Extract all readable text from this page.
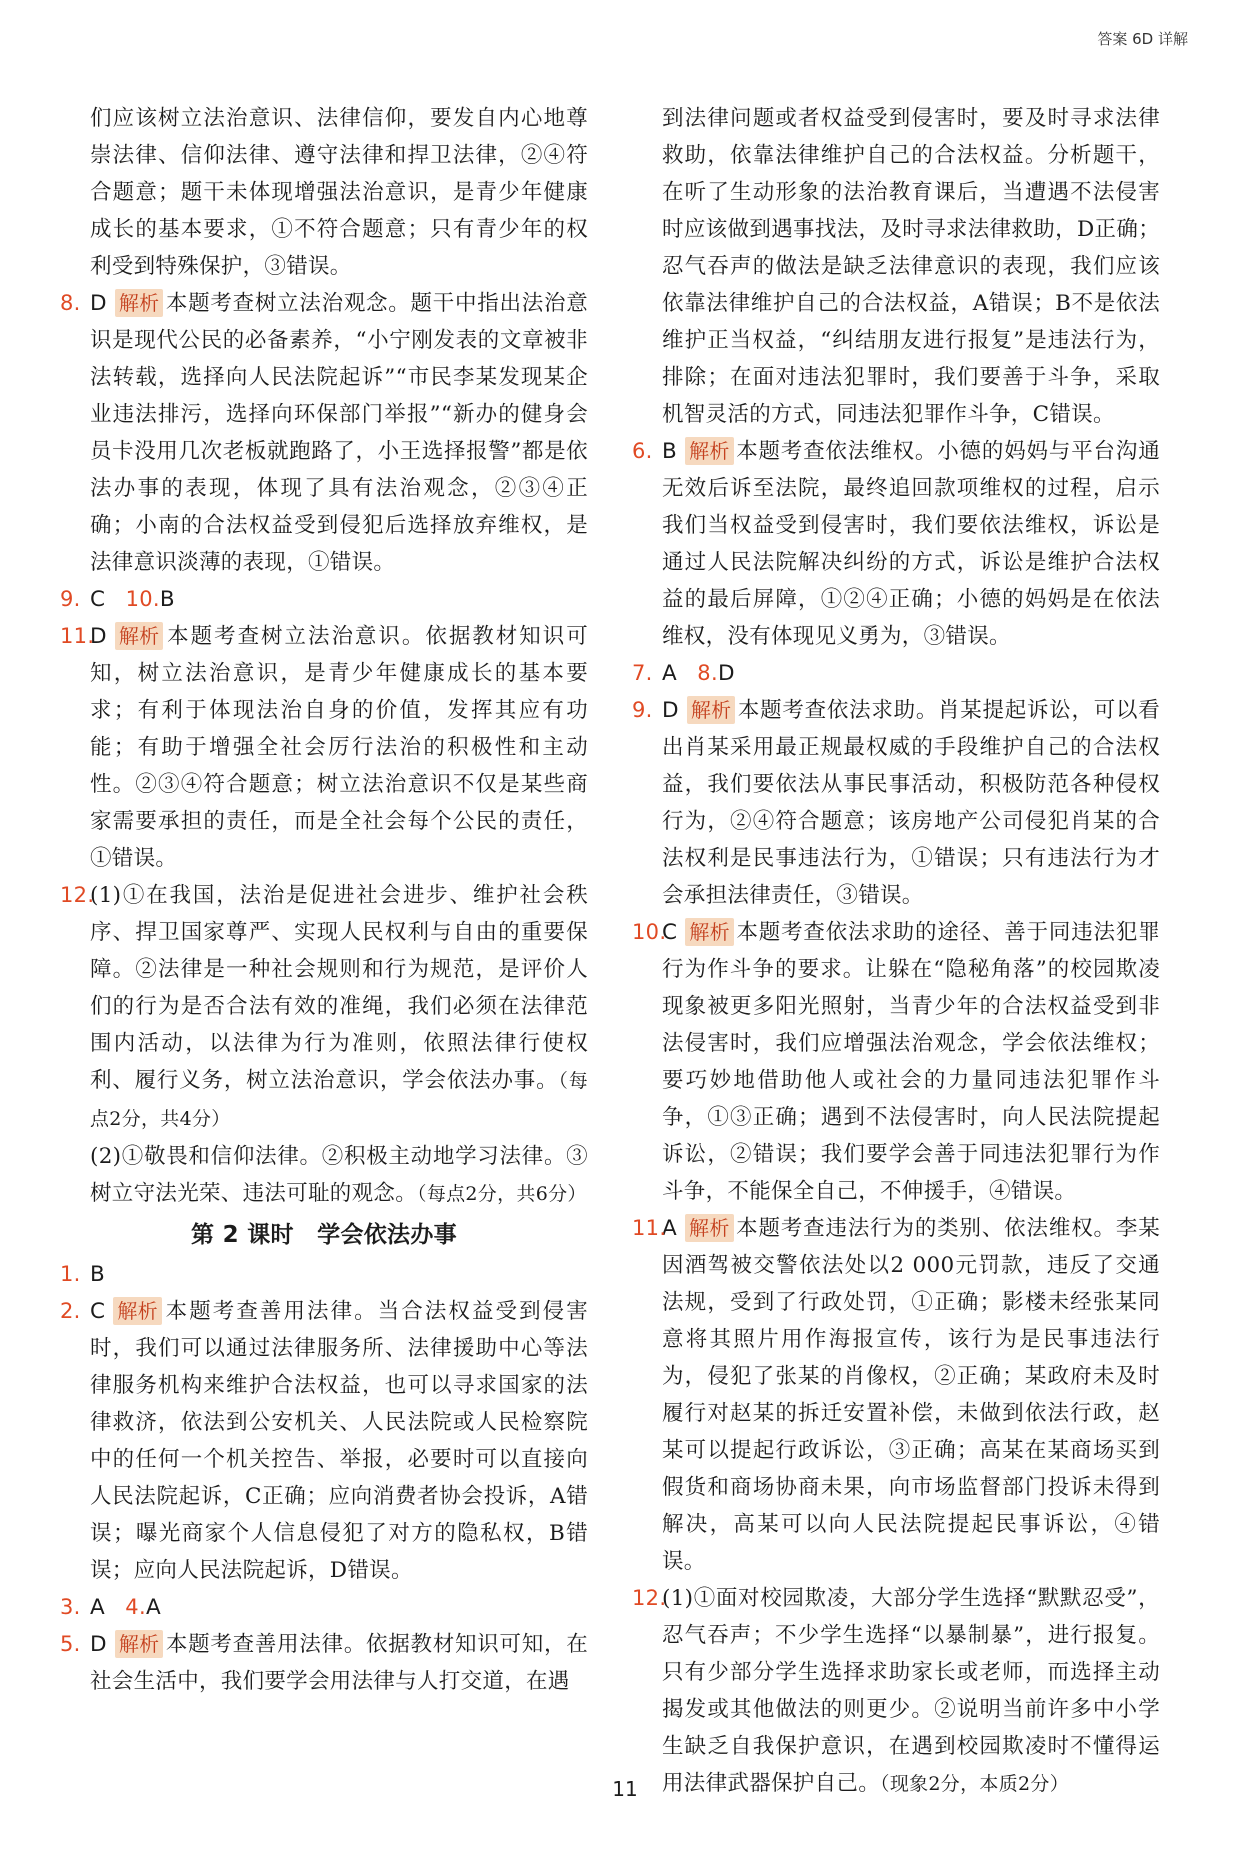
答案 6D 详解
们应该树立法治意识、法律信仰，要发自内心地尊崇法律、信仰法律、遵守法律和捍卫法律，②④符合题意；题干未体现增强法治意识，是青少年健康成长的基本要求，①不符合题意；只有青少年的权利受到特殊保护，③错误。
8. D 解析 本题考查树立法治观念。题干中指出法治意识是现代公民的必备素养，“小宁刚发表的文章被非法转载，选择向人民法院起诉”“市民李某发现某企业违法排污，选择向环保部门举报”“新办的健身会员卡没用几次老板就跑路了，小王选择报警”都是依法办事的表现，体现了具有法治观念，②③④正确；小南的合法权益受到侵犯后选择放弃维权，是法律意识淡薄的表现，①错误。
9. C 10.B
11.
D 解析 本题考查树立法治意识。依据教材知识可知，树立法治意识，是青少年健康成长的基本要求；有利于体现法治自身的价值，发挥其应有功能；有助于增强全社会厉行法治的积极性和主动性。②③④符合题意；树立法治意识不仅是某些商家需要承担的责任，而是全社会每个公民的责任，①错误。
12.
(1)①在我国，法治是促进社会进步、维护社会秩序、捍卫国家尊严、实现人民权利与自由的重要保障。②法律是一种社会规则和行为规范，是评价人们的行为是否合法有效的准绳，我们必须在法律范围内活动，以法律为行为准则，依照法律行使权利、履行义务，树立法治意识，学会依法办事。（每点2分，共4分）
(2)①敬畏和信仰法律。②积极主动地学习法律。③树立守法光荣、违法可耻的观念。（每点2分，共6分）
第 2 课时　学会依法办事
1. B
2. C 解析 本题考查善用法律。当合法权益受到侵害时，我们可以通过法律服务所、法律援助中心等法律服务机构来维护合法权益，也可以寻求国家的法律救济，依法到公安机关、人民法院或人民检察院中的任何一个机关控告、举报，必要时可以直接向人民法院起诉，C正确；应向消费者协会投诉，A错误；曝光商家个人信息侵犯了对方的隐私权，B错误；应向人民法院起诉，D错误。
3. A 4.A
5. D 解析 本题考查善用法律。依据教材知识可知，在社会生活中，我们要学会用法律与人打交道，在遇
到法律问题或者权益受到侵害时，要及时寻求法律救助，依靠法律维护自己的合法权益。分析题干，在听了生动形象的法治教育课后，当遭遇不法侵害时应该做到遇事找法，及时寻求法律救助，D正确；忍气吞声的做法是缺乏法律意识的表现，我们应该依靠法律维护自己的合法权益，A错误；B不是依法维护正当权益，“纠结朋友进行报复”是违法行为，排除；在面对违法犯罪时，我们要善于斗争，采取机智灵活的方式，同违法犯罪作斗争，C错误。
6. B 解析 本题考查依法维权。小德的妈妈与平台沟通无效后诉至法院，最终追回款项维权的过程，启示我们当权益受到侵害时，我们要依法维权，诉讼是通过人民法院解决纠纷的方式，诉讼是维护合法权益的最后屏障，①②④正确；小德的妈妈是在依法维权，没有体现见义勇为，③错误。
7. A 8.D
9. D 解析 本题考查依法求助。肖某提起诉讼，可以看出肖某采用最正规最权威的手段维护自己的合法权益，我们要依法从事民事活动，积极防范各种侵权行为，②④符合题意；该房地产公司侵犯肖某的合法权利是民事违法行为，①错误；只有违法行为才会承担法律责任，③错误。
10.
C 解析 本题考查依法求助的途径、善于同违法犯罪行为作斗争的要求。让躲在“隐秘角落”的校园欺凌现象被更多阳光照射，当青少年的合法权益受到非法侵害时，我们应增强法治观念，学会依法维权；要巧妙地借助他人或社会的力量同违法犯罪作斗争，①③正确；遇到不法侵害时，向人民法院提起诉讼，②错误；我们要学会善于同违法犯罪行为作斗争，不能保全自己，不伸援手，④错误。
11.
A 解析 本题考查违法行为的类别、依法维权。李某因酒驾被交警依法处以2 000元罚款，违反了交通法规，受到了行政处罚，①正确；影楼未经张某同意将其照片用作海报宣传，该行为是民事违法行为，侵犯了张某的肖像权，②正确；某政府未及时履行对赵某的拆迁安置补偿，未做到依法行政，赵某可以提起行政诉讼，③正确；高某在某商场买到假货和商场协商未果，向市场监督部门投诉未得到解决，高某可以向人民法院提起民事诉讼，④错误。
12.
(1)①面对校园欺凌，大部分学生选择“默默忍受”，忍气吞声；不少学生选择“以暴制暴”，进行报复。只有少部分学生选择求助家长或老师，而选择主动揭发或其他做法的则更少。②说明当前许多中小学生缺乏自我保护意识，在遇到校园欺凌时不懂得运用法律武器保护自己。（现象2分，本质2分）
11
